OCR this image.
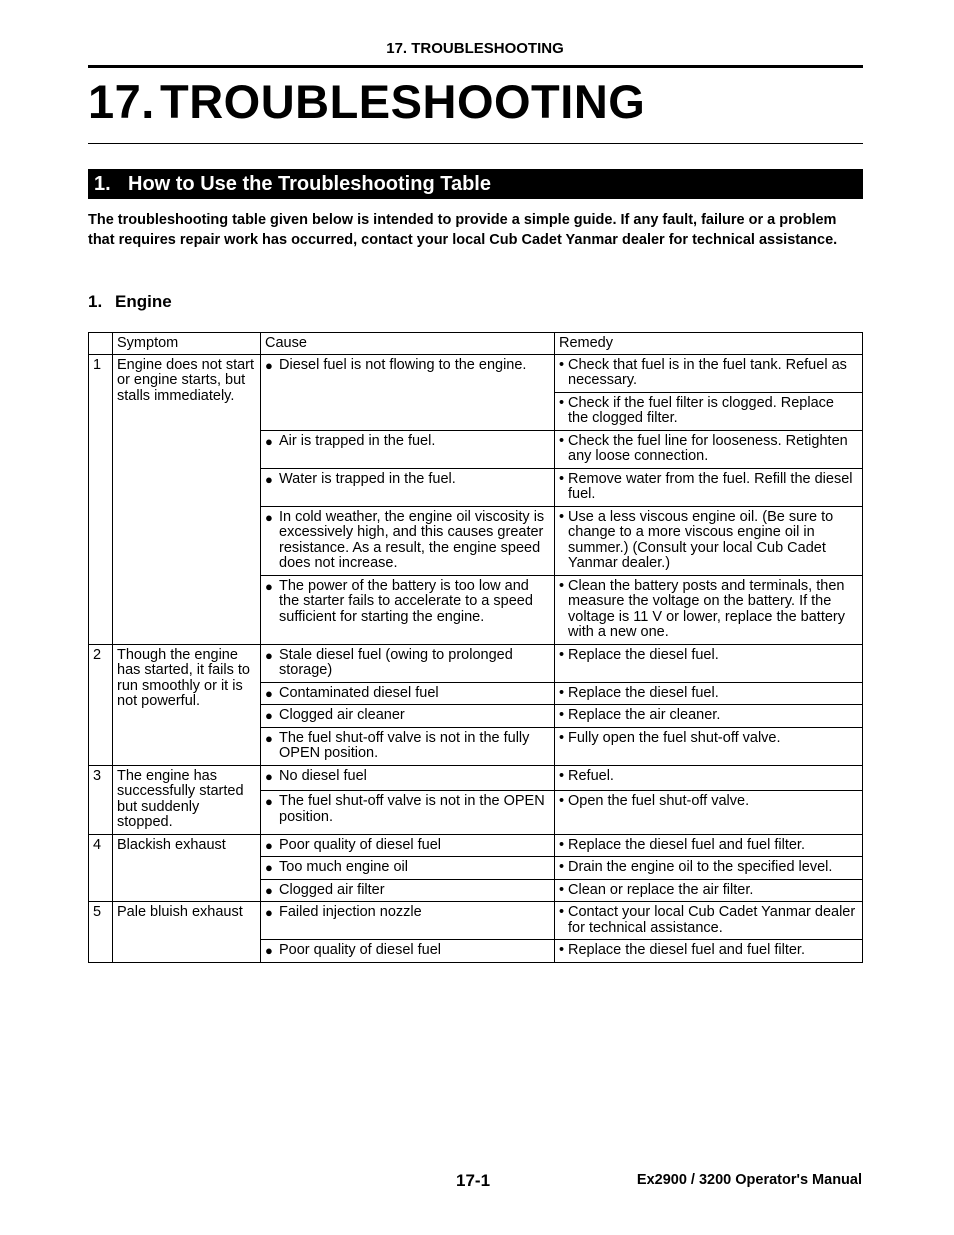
17. TROUBLESHOOTING
17. TROUBLESHOOTING
1. How to Use the Troubleshooting Table
The troubleshooting table given below is intended to provide a simple guide. If any fault, failure or a problem that requires repair work has occurred, contact your local Cub Cadet Yanmar dealer for technical assistance.
1. Engine
	Symptom	Cause	Remedy
1	Engine does not start or engine starts, but stalls immediately.	● Diesel fuel is not flowing to the engine.	• Check that fuel is in the fuel tank. Refuel as necessary.

			• Check if the fuel filter is clogged. Replace the clogged filter.

		● Air is trapped in the fuel.	• Check the fuel line for looseness. Retighten any loose connection.

		● Water is trapped in the fuel.	• Remove water from the fuel. Refill the diesel fuel.

		● In cold weather, the engine oil viscosity is excessively high, and this causes greater resistance. As a result, the engine speed does not increase.	• Use a less viscous engine oil. (Be sure to change to a more viscous engine oil in summer.) (Consult your local Cub Cadet Yanmar dealer.)

		● The power of the battery is too low and the starter fails to accelerate to a speed sufficient for starting the engine.	• Clean the battery posts and terminals, then measure the voltage on the battery. If the voltage is 11 V or lower, replace the battery with a new one.

2	Though the engine has started, it fails to run smoothly or it is not powerful.	● Stale diesel fuel (owing to prolonged storage)	• Replace the diesel fuel.

		● Contaminated diesel fuel	• Replace the diesel fuel.

		● Clogged air cleaner	• Replace the air cleaner.

		● The fuel shut-off valve is not in the fully OPEN position.	• Fully open the fuel shut-off valve.

3	The engine has successfully started but suddenly stopped.	● No diesel fuel	• Refuel.

		● The fuel shut-off valve is not in the OPEN position.	• Open the fuel shut-off valve.

4	Blackish exhaust	● Poor quality of diesel fuel	• Replace the diesel fuel and fuel filter.

		● Too much engine oil	• Drain the engine oil to the specified level.

		● Clogged air filter	• Clean or replace the air filter.

5	Pale bluish exhaust	● Failed injection nozzle	• Contact your local Cub Cadet Yanmar dealer for technical assistance.

		● Poor quality of diesel fuel	• Replace the diesel fuel and fuel filter.
17-1	Ex2900 / 3200 Operator's Manual
